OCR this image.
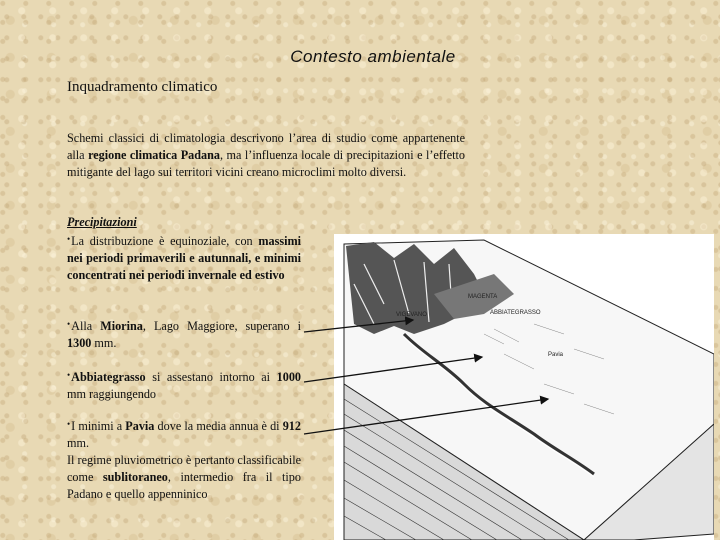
Contesto ambientale
Inquadramento climatico

Schemi classici di climatologia descrivono l’area di studio come appartenente alla regione climatica Padana, ma l’influenza locale di precipitazioni e l’effetto mitigante del lago sui territori vicini creano microclimi molto diversi.

Precipitazioni
•La distribuzione è equinoziale, con massimi nei periodi primaverili e autunnali, e minimi concentrati nei periodi invernale ed estivo
•Alla Miorina, Lago Maggiore, superano i 1300 mm.
•Abbiategrasso si assestano intorno ai 1000 mm raggiungendo
•I minimi a Pavia dove la media annua è di 912 mm.
Il regime pluviometrico è pertanto classificabile come sublitoraneo, intermedio fra il tipo Padano e quello appenninico
MAGENTA
VIGEVANO	ABBIATEGRASSO
Pavia
